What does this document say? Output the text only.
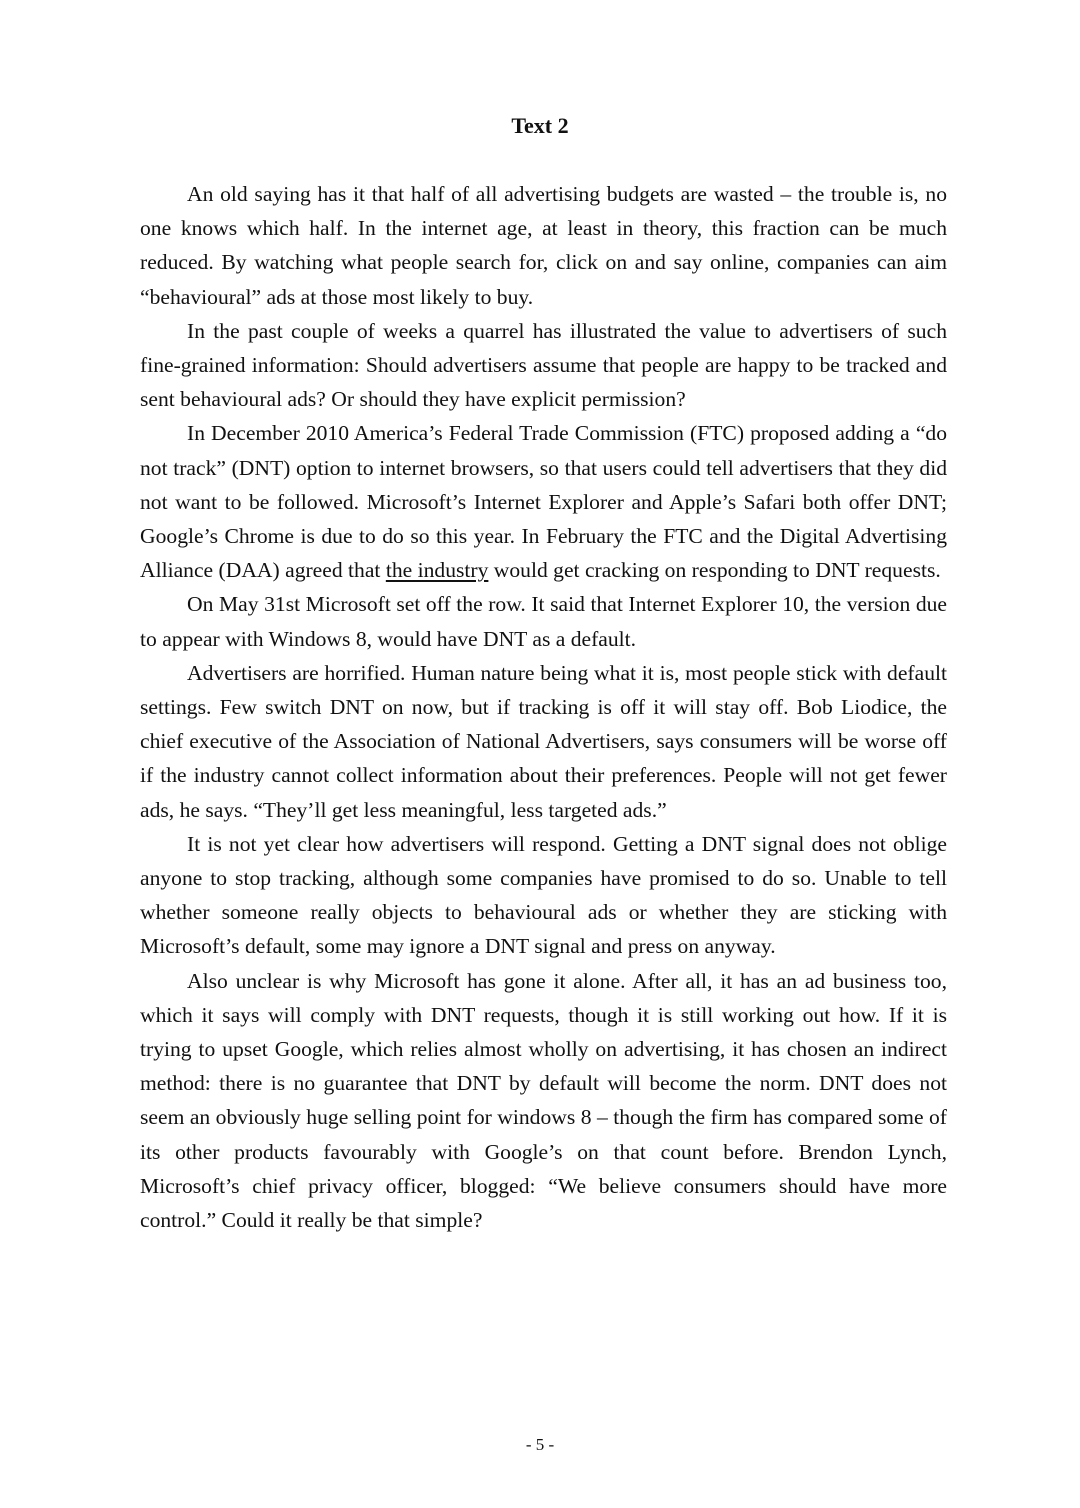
Text 2

An old saying has it that half of all advertising budgets are wasted – the trouble is, no one knows which half. In the internet age, at least in theory, this fraction can be much reduced. By watching what people search for, click on and say online, companies can aim “behavioural” ads at those most likely to buy.

In the past couple of weeks a quarrel has illustrated the value to advertisers of such fine-grained information: Should advertisers assume that people are happy to be tracked and sent behavioural ads? Or should they have explicit permission?

In December 2010 America’s Federal Trade Commission (FTC) proposed adding a “do not track” (DNT) option to internet browsers, so that users could tell advertisers that they did not want to be followed. Microsoft’s Internet Explorer and Apple’s Safari both offer DNT; Google’s Chrome is due to do so this year. In February the FTC and the Digital Advertising Alliance (DAA) agreed that the industry would get cracking on responding to DNT requests.

On May 31st Microsoft set off the row. It said that Internet Explorer 10, the version due to appear with Windows 8, would have DNT as a default.

Advertisers are horrified. Human nature being what it is, most people stick with default settings. Few switch DNT on now, but if tracking is off it will stay off. Bob Liodice, the chief executive of the Association of National Advertisers, says consumers will be worse off if the industry cannot collect information about their preferences. People will not get fewer ads, he says. “They’ll get less meaningful, less targeted ads.”

It is not yet clear how advertisers will respond. Getting a DNT signal does not oblige anyone to stop tracking, although some companies have promised to do so. Unable to tell whether someone really objects to behavioural ads or whether they are sticking with Microsoft’s default, some may ignore a DNT signal and press on anyway.

Also unclear is why Microsoft has gone it alone. After all, it has an ad business too, which it says will comply with DNT requests, though it is still working out how. If it is trying to upset Google, which relies almost wholly on advertising, it has chosen an indirect method: there is no guarantee that DNT by default will become the norm. DNT does not seem an obviously huge selling point for windows 8 – though the firm has compared some of its other products favourably with Google’s on that count before. Brendon Lynch, Microsoft’s chief privacy officer, blogged: “We believe consumers should have more control.” Could it really be that simple?

- 5 -
